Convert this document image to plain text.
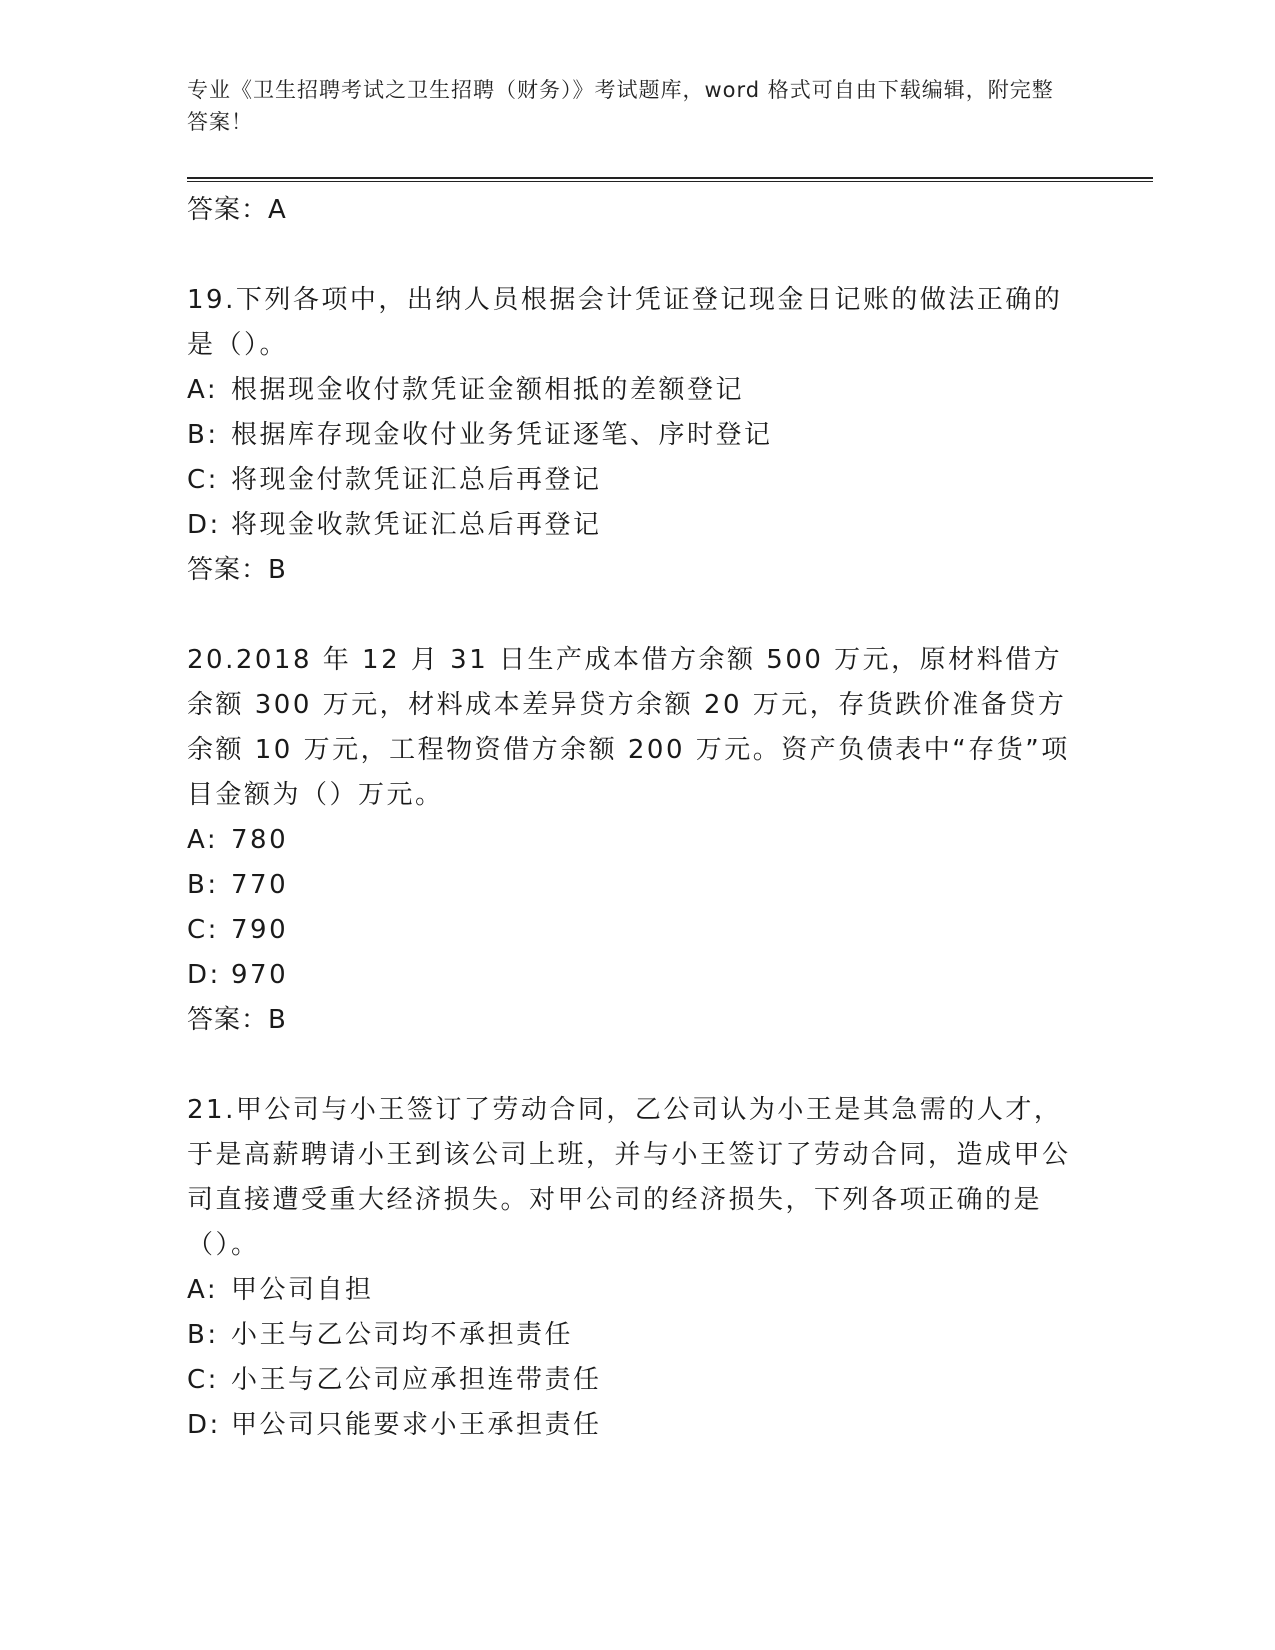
专业《卫生招聘考试之卫生招聘（财务）》考试题库，word 格式可自由下载编辑，附完整答案！
答案：A
19.下列各项中，出纳人员根据会计凭证登记现金日记账的做法正确的是（）。
A: 根据现金收付款凭证金额相抵的差额登记
B: 根据库存现金收付业务凭证逐笔、序时登记
C: 将现金付款凭证汇总后再登记
D: 将现金收款凭证汇总后再登记
答案：B
20.2018 年 12 月 31 日生产成本借方余额 500 万元，原材料借方余额 300 万元，材料成本差异贷方余额 20 万元，存货跌价准备贷方余额 10 万元，工程物资借方余额 200 万元。资产负债表中“存货”项目金额为（）万元。
A: 780
B: 770
C: 790
D: 970
答案：B
21.甲公司与小王签订了劳动合同，乙公司认为小王是其急需的人才，于是高薪聘请小王到该公司上班，并与小王签订了劳动合同，造成甲公司直接遭受重大经济损失。对甲公司的经济损失，下列各项正确的是（）。
A: 甲公司自担
B: 小王与乙公司均不承担责任
C: 小王与乙公司应承担连带责任
D: 甲公司只能要求小王承担责任
